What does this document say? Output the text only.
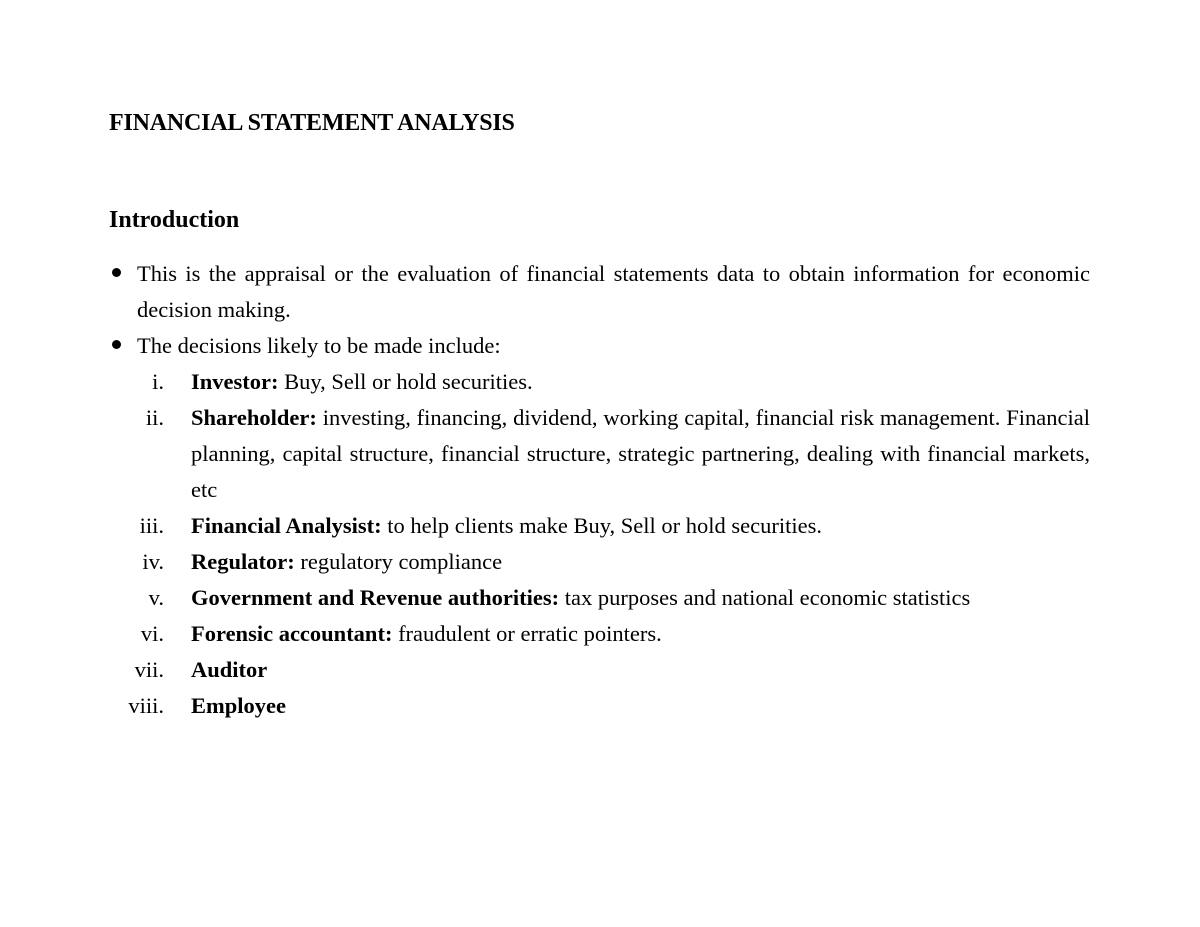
FINANCIAL STATEMENT ANALYSIS
Introduction
This is the appraisal or the evaluation of financial statements data to obtain information for economic decision making.
The decisions likely to be made include:
i. Investor: Buy, Sell or hold securities.
ii. Shareholder: investing, financing, dividend, working capital, financial risk management. Financial planning, capital structure, financial structure, strategic partnering, dealing with financial markets, etc
iii. Financial Analysist: to help clients make Buy, Sell or hold securities.
iv. Regulator: regulatory compliance
v. Government and Revenue authorities: tax purposes and national economic statistics
vi. Forensic accountant: fraudulent or erratic pointers.
vii. Auditor
viii. Employee
